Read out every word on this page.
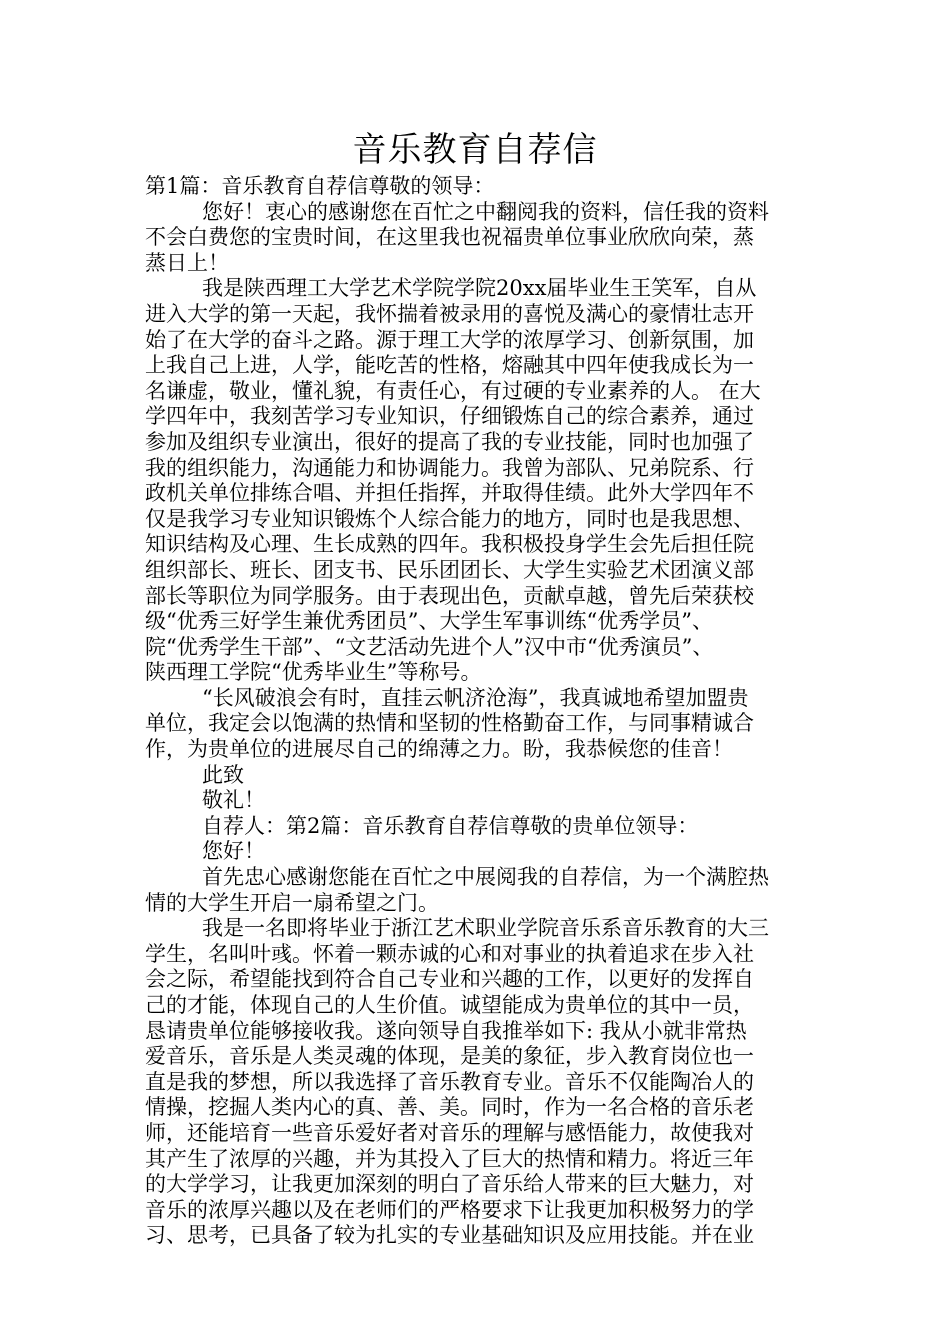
音乐教育自荐信
第1篇：音乐教育自荐信尊敬的领导：
您好！衷心的感谢您在百忙之中翻阅我的资料，信任我的资料
不会白费您的宝贵时间，在这里我也祝福贵单位事业欣欣向荣，蒸
蒸日上！
我是陕西理工大学艺术学院学院20xx届毕业生王笑军，自从
进入大学的第一天起，我怀揣着被录用的喜悦及满心的豪情壮志开
始了在大学的奋斗之路。源于理工大学的浓厚学习、创新氛围，加
上我自己上进，人学，能吃苦的性格，熔融其中四年使我成长为一
名谦虚，敬业，懂礼貌，有责任心，有过硬的专业素养的人。 在大
学四年中，我刻苦学习专业知识，仔细锻炼自己的综合素养，通过
参加及组织专业演出，很好的提高了我的专业技能，同时也加强了
我的组织能力，沟通能力和协调能力。我曾为部队、兄弟院系、行
政机关单位排练合唱、并担任指挥，并取得佳绩。此外大学四年不
仅是我学习专业知识锻炼个人综合能力的地方，同时也是我思想、
知识结构及心理、生长成熟的四年。我积极投身学生会先后担任院
组织部长、班长、团支书、民乐团团长、大学生实验艺术团演义部
部长等职位为同学服务。由于表现出色，贡献卓越，曾先后荣获校
级“优秀三好学生兼优秀团员”、大学生军事训练“优秀学员”、
院“优秀学生干部”、“文艺活动先进个人”汉中市“优秀演员”、
陕西理工学院“优秀毕业生”等称号。
“长风破浪会有时，直挂云帆济沧海”，我真诚地希望加盟贵
单位，我定会以饱满的热情和坚韧的性格勤奋工作，与同事精诚合
作，为贵单位的进展尽自己的绵薄之力。盼，我恭候您的佳音！
此致
敬礼！
自荐人：第2篇：音乐教育自荐信尊敬的贵单位领导：
您好！
首先忠心感谢您能在百忙之中展阅我的自荐信，为一个满腔热
情的大学生开启一扇希望之门。
我是一名即将毕业于浙江艺术职业学院音乐系音乐教育的大三
学生，名叫叶彧。怀着一颗赤诚的心和对事业的执着追求在步入社
会之际，希望能找到符合自己专业和兴趣的工作，以更好的发挥自
己的才能，体现自己的人生价值。诚望能成为贵单位的其中一员，
恳请贵单位能够接收我。遂向领导自我推举如下: 我从小就非常热
爱音乐，音乐是人类灵魂的体现，是美的象征，步入教育岗位也一
直是我的梦想，所以我选择了音乐教育专业。音乐不仅能陶冶人的
情操，挖掘人类内心的真、善、美。同时，作为一名合格的音乐老
师，还能培育一些音乐爱好者对音乐的理解与感悟能力，故使我对
其产生了浓厚的兴趣，并为其投入了巨大的热情和精力。将近三年
的大学学习，让我更加深刻的明白了音乐给人带来的巨大魅力，对
音乐的浓厚兴趣以及在老师们的严格要求下让我更加积极努力的学
习、思考，已具备了较为扎实的专业基础知识及应用技能。并在业
